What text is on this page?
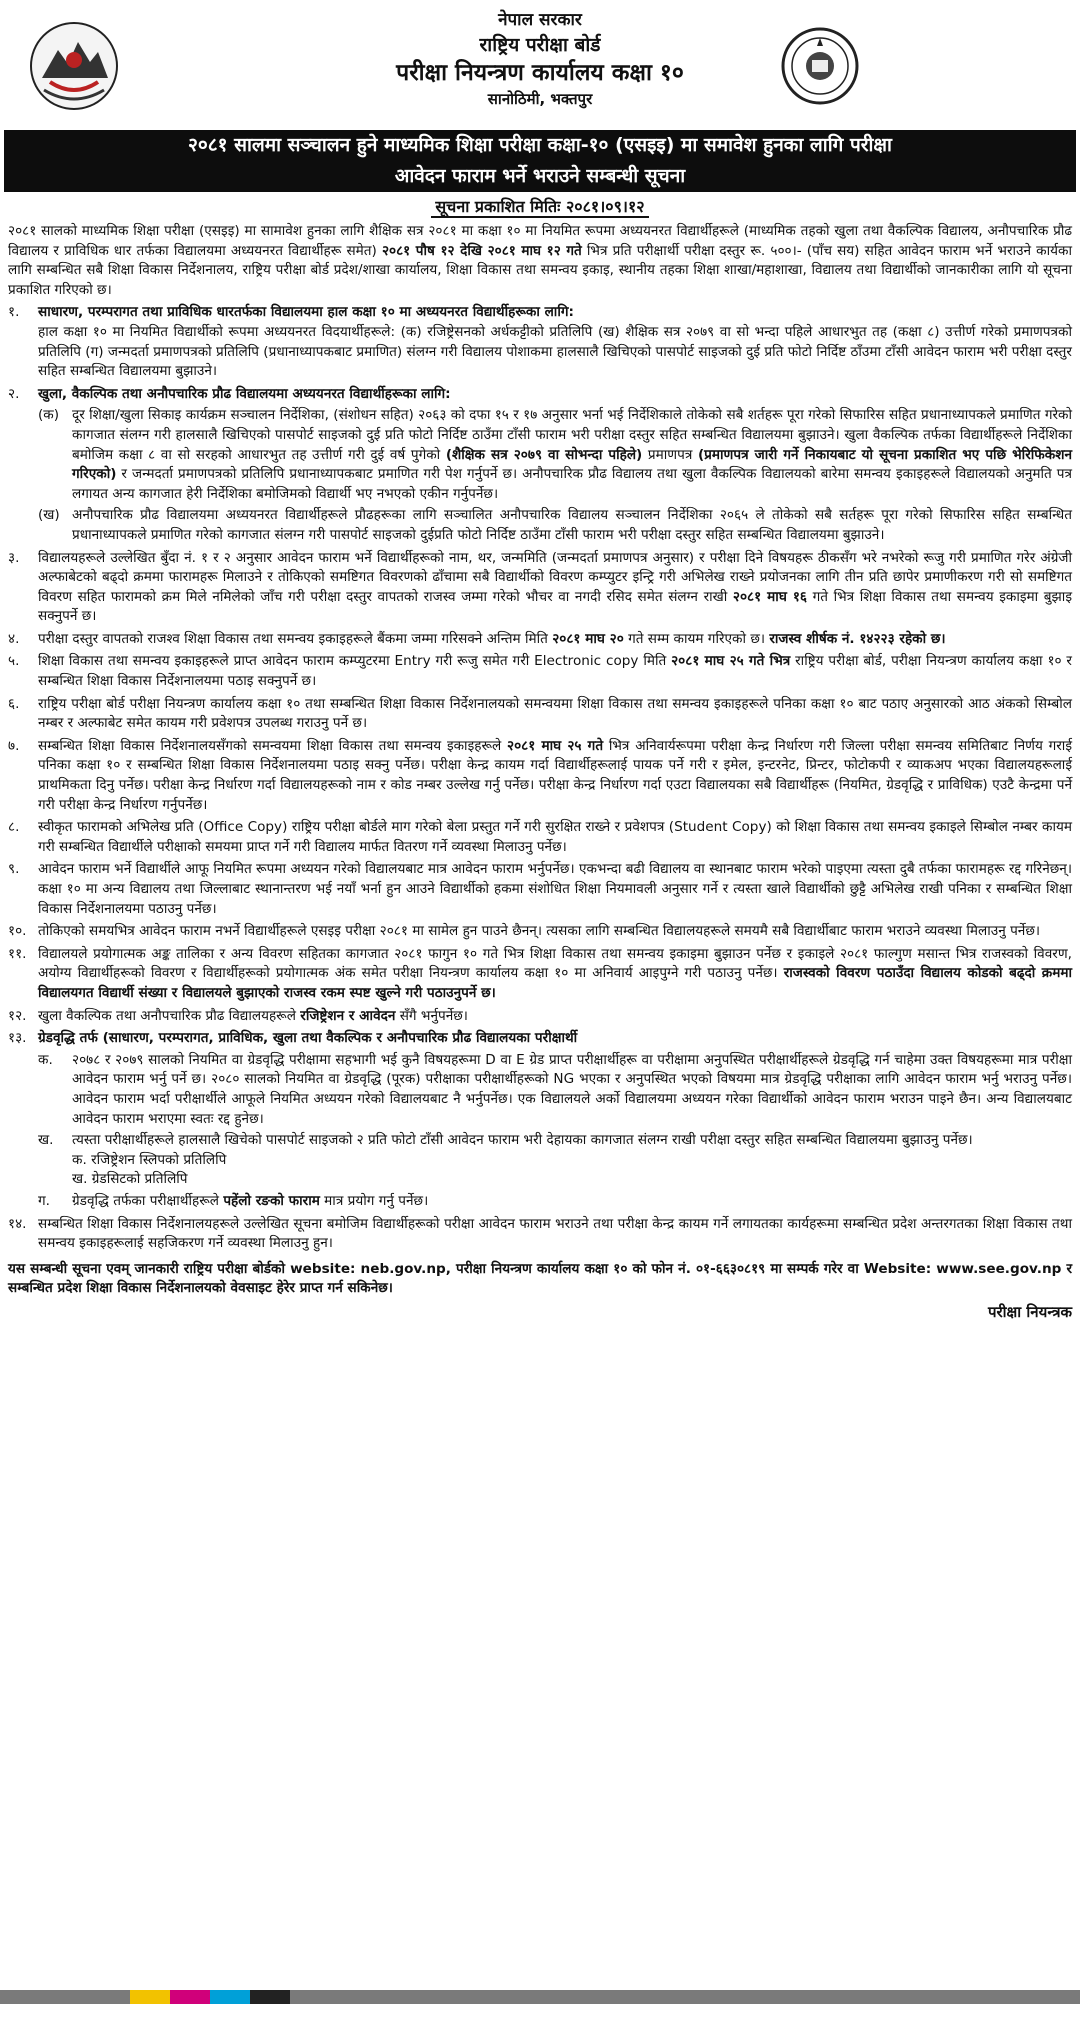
नेपाल सरकार
राष्ट्रिय परीक्षा बोर्ड
परीक्षा नियन्त्रण कार्यालय कक्षा १०
सानोठिमी, भक्तपुर
२०८१ सालमा सञ्चालन हुने माध्यमिक शिक्षा परीक्षा कक्षा-१० (एसइइ) मा समावेश हुनका लागि परीक्षा
आवेदन फाराम भर्ने भराउने सम्बन्धी सूचना
सूचना प्रकाशित मितिः २०८१।०९।१२

२०८१ सालको माध्यमिक शिक्षा परीक्षा (एसइइ) मा सामावेश हुनका लागि शैक्षिक सत्र २०८१ मा कक्षा १० मा नियमित रूपमा अध्ययनरत विद्यार्थीहरूले (माध्यमिक तहको खुला तथा वैकल्पिक विद्यालय, अनौपचारिक प्रौढ विद्यालय र प्राविधिक धार तर्फका विद्यालयमा अध्ययनरत विद्यार्थीहरू समेत) २०८१ पौष १२ देखि २०८१ माघ १२ गते भित्र प्रति परीक्षार्थी परीक्षा दस्तुर रू. ५००।- (पाँच सय) सहित आवेदन फाराम भर्ने भराउने कार्यका लागि सम्बन्धित सबै शिक्षा विकास निर्देशनालय, राष्ट्रिय परीक्षा बोर्ड प्रदेश/शाखा कार्यालय, शिक्षा विकास तथा समन्वय इकाइ, स्थानीय तहका शिक्षा शाखा/महाशाखा, विद्यालय तथा विद्यार्थीको जानकारीका लागि यो सूचना प्रकाशित गरिएको छ।

१.	साधारण, परम्परागत तथा प्राविधिक धारतर्फका विद्यालयमा हाल कक्षा १० मा अध्ययनरत विद्यार्थीहरूका लागि:
हाल कक्षा १० मा नियमित विद्यार्थीको रूपमा अध्ययनरत विदयार्थीहरूले: (क) रजिष्ट्रेसनको अर्धकट्टीको प्रतिलिपि (ख) शैक्षिक सत्र २०७९ वा सो भन्दा पहिले आधारभुत तह (कक्षा ८) उत्तीर्ण गरेको प्रमाणपत्रको प्रतिलिपि (ग) जन्मदर्ता प्रमाणपत्रको प्रतिलिपि (प्रधानाध्यापकबाट प्रमाणित) संलग्न गरी विद्यालय पोशाकमा हालसालै खिचिएको पासपोर्ट साइजको दुई प्रति फोटो निर्दिष्ट ठाँउमा टाँसी आवेदन फाराम भरी परीक्षा दस्तुर सहित सम्बन्धित विद्यालयमा बुझाउने।
२.	खुला, वैकल्पिक तथा अनौपचारिक प्रौढ विद्यालयमा अध्ययनरत विद्यार्थीहरूका लागि:
(क) दूर शिक्षा/खुला सिकाइ कार्यक्रम सञ्चालन निर्देशिका, (संशोधन सहित) २०६३ को दफा १५ र १७ अनुसार भर्ना भई निर्देशिकाले तोकेको सबै शर्तहरू पूरा गरेको सिफारिस सहित प्रधानाध्यापकले प्रमाणित गरेको कागजात संलग्न गरी हालसालै खिचिएको पासपोर्ट साइजको दुई प्रति फोटो निर्दिष्ट ठाउँमा टाँसी फाराम भरी परीक्षा दस्तुर सहित सम्बन्धित विद्यालयमा बुझाउने। खुला वैकल्पिक तर्फका विद्यार्थीहरूले निर्देशिका बमोजिम कक्षा ८ वा सो सरहको आधारभुत तह उत्तीर्ण गरी दुई वर्ष पुगेको (शैक्षिक सत्र २०७९ वा सोभन्दा पहिले) प्रमाणपत्र (प्रमाणपत्र जारी गर्ने निकायबाट यो सूचना प्रकाशित भए पछि भेरिफिकेशन गरिएको) र जन्मदर्ता प्रमाणपत्रको प्रतिलिपि प्रधानाध्यापकबाट प्रमाणित गरी पेश गर्नुपर्ने छ। अनौपचारिक प्रौढ विद्यालय तथा खुला वैकल्पिक विद्यालयको बारेमा समन्वय इकाइहरूले विद्यालयको अनुमति पत्र लगायत अन्य कागजात हेरी निर्देशिका बमोजिमको विद्यार्थी भए नभएको एकीन गर्नुपर्नेछ।
(ख) अनौपचारिक प्रौढ विद्यालयमा अध्ययनरत विद्यार्थीहरूले प्रौढहरूका लागि सञ्चालित अनौपचारिक विद्यालय सञ्चालन निर्देशिका २०६५ ले तोकेको सबै सर्तहरू पूरा गरेको सिफारिस सहित सम्बन्धित प्रधानाध्यापकले प्रमाणित गरेको कागजात संलग्न गरी पासपोर्ट साइजको दुईप्रति फोटो निर्दिष्ट ठाउँमा टाँसी फाराम भरी परीक्षा दस्तुर सहित सम्बन्धित विद्यालयमा बुझाउने।
३.	विद्यालयहरूले उल्लेखित बुँदा नं. १ र २ अनुसार आवेदन फाराम भर्ने विद्यार्थीहरूको नाम, थर, जन्ममिति (जन्मदर्ता प्रमाणपत्र अनुसार) र परीक्षा दिने विषयहरू ठीकसँग भरे नभरेको रूजु गरी प्रमाणित गरेर अंग्रेजी अल्फाबेटको बढ्दो क्रममा फारामहरू मिलाउने र तोकिएको समष्टिगत विवरणको ढाँचामा सबै विद्यार्थीको विवरण कम्प्युटर इन्ट्रि गरी अभिलेख राख्ने प्रयोजनका लागि तीन प्रति छापेर प्रमाणीकरण गरी सो समष्टिगत विवरण सहित फारामको क्रम मिले नमिलेको जाँच गरी परीक्षा दस्तुर वापतको राजस्व जम्मा गरेको भौचर वा नगदी रसिद समेत संलग्न राखी २०८१ माघ १६ गते भित्र शिक्षा विकास तथा समन्वय इकाइमा बुझाइ सक्नुपर्ने छ।
४.	परीक्षा दस्तुर वापतको राजश्व शिक्षा विकास तथा समन्वय इकाइहरूले बैंकमा जम्मा गरिसक्ने अन्तिम मिति २०८१ माघ २० गते सम्म कायम गरिएको छ। राजस्व शीर्षक नं. १४२२३ रहेको छ।
५.	शिक्षा विकास तथा समन्वय इकाइहरूले प्राप्त आवेदन फाराम कम्प्युटरमा Entry गरी रूजु समेत गरी Electronic copy मिति २०८१ माघ २५ गते भित्र राष्ट्रिय परीक्षा बोर्ड, परीक्षा नियन्त्रण कार्यालय कक्षा १० र सम्बन्धित शिक्षा विकास निर्देशनालयमा पठाइ सक्नुपर्ने छ।
६.	राष्ट्रिय परीक्षा बोर्ड परीक्षा नियन्त्रण कार्यालय कक्षा १० तथा सम्बन्धित शिक्षा विकास निर्देशनालयको समन्वयमा शिक्षा विकास तथा समन्वय इकाइहरूले पनिका कक्षा १० बाट पठाए अनुसारको आठ अंकको सिम्बोल नम्बर र अल्फाबेट समेत कायम गरी प्रवेशपत्र उपलब्ध गराउनु पर्ने छ।
७.	सम्बन्धित शिक्षा विकास निर्देशनालयसँगको समन्वयमा शिक्षा विकास तथा समन्वय इकाइहरूले २०८१ माघ २५ गते भित्र अनिवार्यरूपमा परीक्षा केन्द्र निर्धारण गरी जिल्ला परीक्षा समन्वय समितिबाट निर्णय गराई पनिका कक्षा १० र सम्बन्धित शिक्षा विकास निर्देशनालयमा पठाइ सक्नु पर्नेछ। परीक्षा केन्द्र कायम गर्दा विद्यार्थीहरूलाई पायक पर्ने गरी र इमेल, इन्टरनेट, प्रिन्टर, फोटोकपी र व्याकअप भएका विद्यालयहरूलाई प्राथमिकता दिनु पर्नेछ। परीक्षा केन्द्र निर्धारण गर्दा विद्यालयहरूको नाम र कोड नम्बर उल्लेख गर्नु पर्नेछ। परीक्षा केन्द्र निर्धारण गर्दा एउटा विद्यालयका सबै विद्यार्थीहरू (नियमित, ग्रेडवृद्धि र प्राविधिक) एउटै केन्द्रमा पर्ने गरी परीक्षा केन्द्र निर्धारण गर्नुपर्नेछ।
८.	स्वीकृत फारामको अभिलेख प्रति (Office Copy) राष्ट्रिय परीक्षा बोर्डले माग गरेको बेला प्रस्तुत गर्ने गरी सुरक्षित राख्ने र प्रवेशपत्र (Student Copy) को शिक्षा विकास तथा समन्वय इकाइले सिम्बोल नम्बर कायम गरी सम्बन्धित विद्यार्थीले परीक्षाको समयमा प्राप्त गर्ने गरी विद्यालय मार्फत वितरण गर्ने व्यवस्था मिलाउनु पर्नेछ।
९.	आवेदन फाराम भर्ने विद्यार्थीले आफू नियमित रूपमा अध्ययन गरेको विद्यालयबाट मात्र आवेदन फाराम भर्नुपर्नेछ। एकभन्दा बढी विद्यालय वा स्थानबाट फाराम भरेको पाइएमा त्यस्ता दुबै तर्फका फारामहरू रद्द गरिनेछन्। कक्षा १० मा अन्य विद्यालय तथा जिल्लाबाट स्थानान्तरण भई नयाँ भर्ना हुन आउने विद्यार्थीको हकमा संशोधित शिक्षा नियमावली अनुसार गर्ने र त्यस्ता खाले विद्यार्थीको छुट्टै अभिलेख राखी पनिका र सम्बन्धित शिक्षा विकास निर्देशनालयमा पठाउनु पर्नेछ।
१०. तोकिएको समयभित्र आवेदन फाराम नभर्ने विद्यार्थीहरूले एसइइ परीक्षा २०८१ मा सामेल हुन पाउने छैनन्। त्यसका लागि सम्बन्धित विद्यालयहरूले समयमै सबै विद्यार्थीबाट फाराम भराउने व्यवस्था मिलाउनु पर्नेछ।
११. विद्यालयले प्रयोगात्मक अङ्क तालिका र अन्य विवरण सहितका कागजात २०८१ फागुन १० गते भित्र शिक्षा विकास तथा समन्वय इकाइमा बुझाउन पर्नेछ र इकाइले २०८१ फाल्गुण मसान्त भित्र राजस्वको विवरण, अयोग्य विद्यार्थीहरूको विवरण र विद्यार्थीहरूको प्रयोगात्मक अंक समेत परीक्षा नियन्त्रण कार्यालय कक्षा १० मा अनिवार्य आइपुग्ने गरी पठाउनु पर्नेछ। राजस्वको विवरण पठाउँदा विद्यालय कोडको बढ्दो क्रममा विद्यालयगत विद्यार्थी संख्या र विद्यालयले बुझाएको राजस्व रकम स्पष्ट खुल्ने गरी पठाउनुपर्ने छ।
१२. खुला वैकल्पिक तथा अनौपचारिक प्रौढ विद्यालयहरूले रजिष्ट्रेशन र आवेदन सँगै भर्नुपर्नेछ।
१३. ग्रेडवृद्धि तर्फ (साधारण, परम्परागत, प्राविधिक, खुला तथा वैकल्पिक र अनौपचारिक प्रौढ विद्यालयका परीक्षार्थी
क.	२०७८ र २०७९ सालको नियमित वा ग्रेडवृद्धि परीक्षामा सहभागी भई कुनै विषयहरूमा D वा E ग्रेड प्राप्त परीक्षार्थीहरू वा परीक्षामा अनुपस्थित परीक्षार्थीहरूले ग्रेडवृद्धि गर्न चाहेमा उक्त विषयहरूमा मात्र परीक्षा आवेदन फाराम भर्नु पर्ने छ। २०८० सालको नियमित वा ग्रेडवृद्धि (पूरक) परीक्षाका परीक्षार्थीहरूको NG भएका र अनुपस्थित भएको विषयमा मात्र ग्रेडवृद्धि परीक्षाका लागि आवेदन फाराम भर्नु भराउनु पर्नेछ। आवेदन फाराम भर्दा परीक्षार्थीले आफूले नियमित अध्ययन गरेको विद्यालयबाट नै भर्नुपर्नेछ। एक विद्यालयले अर्को विद्यालयमा अध्ययन गरेका विद्यार्थीको आवेदन फाराम भराउन पाइने छैन। अन्य विद्यालयबाट आवेदन फाराम भराएमा स्वतः रद्द हुनेछ।
ख.	त्यस्ता परीक्षार्थीहरूले हालसालै खिचेको पासपोर्ट साइजको २ प्रति फोटो टाँसी आवेदन फाराम भरी देहायका कागजात संलग्न राखी परीक्षा दस्तुर सहित सम्बन्धित विद्यालयमा बुझाउनु पर्नेछ।
क. रजिष्ट्रेशन स्लिपको प्रतिलिपि
ख. ग्रेडसिटको प्रतिलिपि
ग.	ग्रेडवृद्धि तर्फका परीक्षार्थीहरूले पहेंलो रङको फाराम मात्र प्रयोग गर्नु पर्नेछ।
१४. सम्बन्धित शिक्षा विकास निर्देशनालयहरूले उल्लेखित सूचना बमोजिम विद्यार्थीहरूको परीक्षा आवेदन फाराम भराउने तथा परीक्षा केन्द्र कायम गर्ने लगायतका कार्यहरूमा सम्बन्धित प्रदेश अन्तरगतका शिक्षा विकास तथा समन्वय इकाइहरूलाई सहजिकरण गर्ने व्यवस्था मिलाउनु हुन।
यस सम्बन्धी सूचना एवम् जानकारी राष्ट्रिय परीक्षा बोर्डको website: neb.gov.np, परीक्षा नियन्त्रण कार्यालय कक्षा १० को फोन नं. ०१-६६३०८१९ मा सम्पर्क गरेर वा Website: www.see.gov.np र सम्बन्धित प्रदेश शिक्षा विकास निर्देशनालयको वेवसाइट हेरेर प्राप्त गर्न सकिनेछ।
परीक्षा नियन्त्रक
